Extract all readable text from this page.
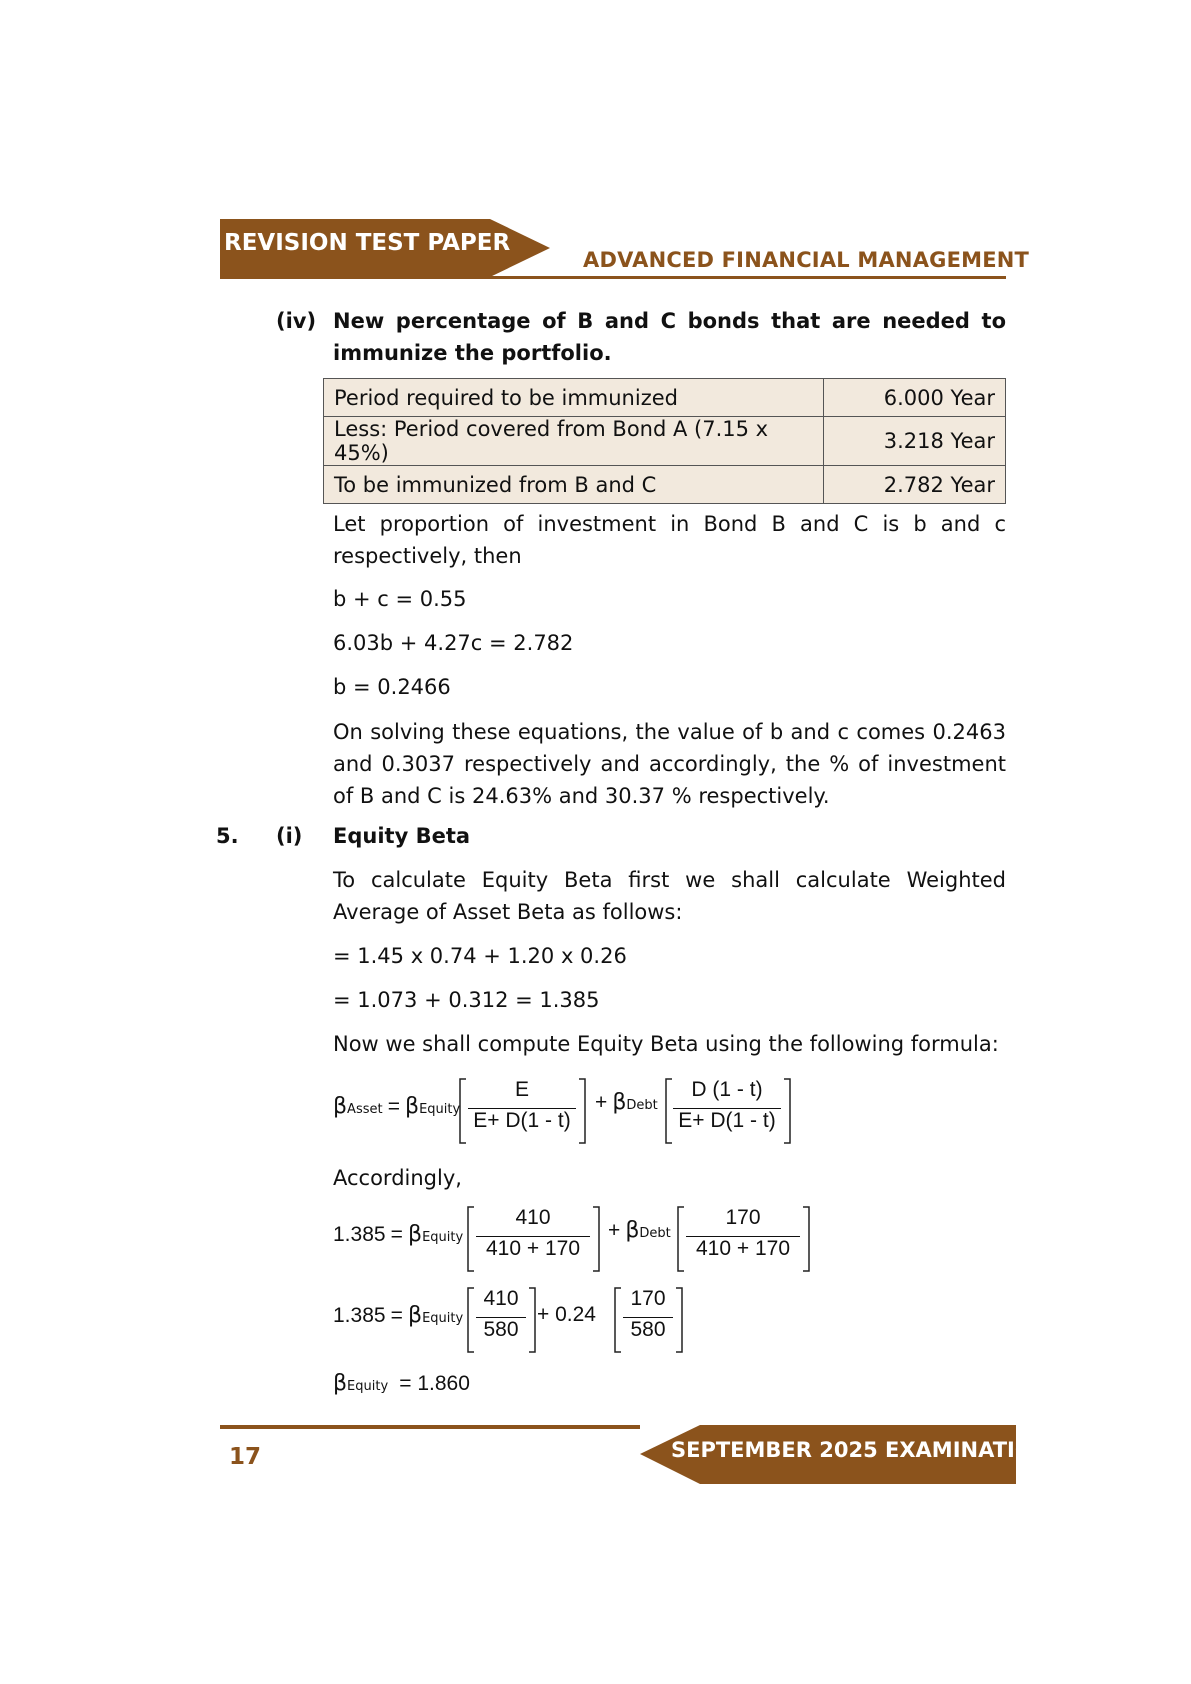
REVISION TEST PAPER
ADVANCED FINANCIAL MANAGEMENT
(iv) New percentage of B and C bonds that are needed to immunize the portfolio.
Period required to be immunized	6.000 Year
Less: Period covered from Bond A (7.15 x 45%)	3.218 Year
To be immunized from B and C	2.782 Year
Let proportion of investment in Bond B and C is b and c respectively, then
b + c = 0.55
6.03b + 4.27c = 2.782
b = 0.2466
On solving these equations, the value of b and c comes 0.2463 and 0.3037 respectively and accordingly, the % of investment of B and C is 24.63% and 30.37 % respectively.
5. (i) Equity Beta
To calculate Equity Beta first we shall calculate Weighted Average of Asset Beta as follows:
= 1.45 x 0.74 + 1.20 x 0.26
= 1.073 + 0.312 = 1.385
Now we shall compute Equity Beta using the following formula:
βAsset = βEquity $\frac{E}{E+ D(1 - t)}$ + βDebt $\frac{D (1 - t)}{E+ D(1 - t)}$
Accordingly,
1.385 = βEquity $\frac{410}{410 + 170}$ + βDebt $\frac{170}{410 + 170}$
1.385 = βEquity $\frac{410}{580} + 0.24 \frac{170}{580}$
βEquity = 1.860
SEPTEMBER 2025 EXAMINATION
17
